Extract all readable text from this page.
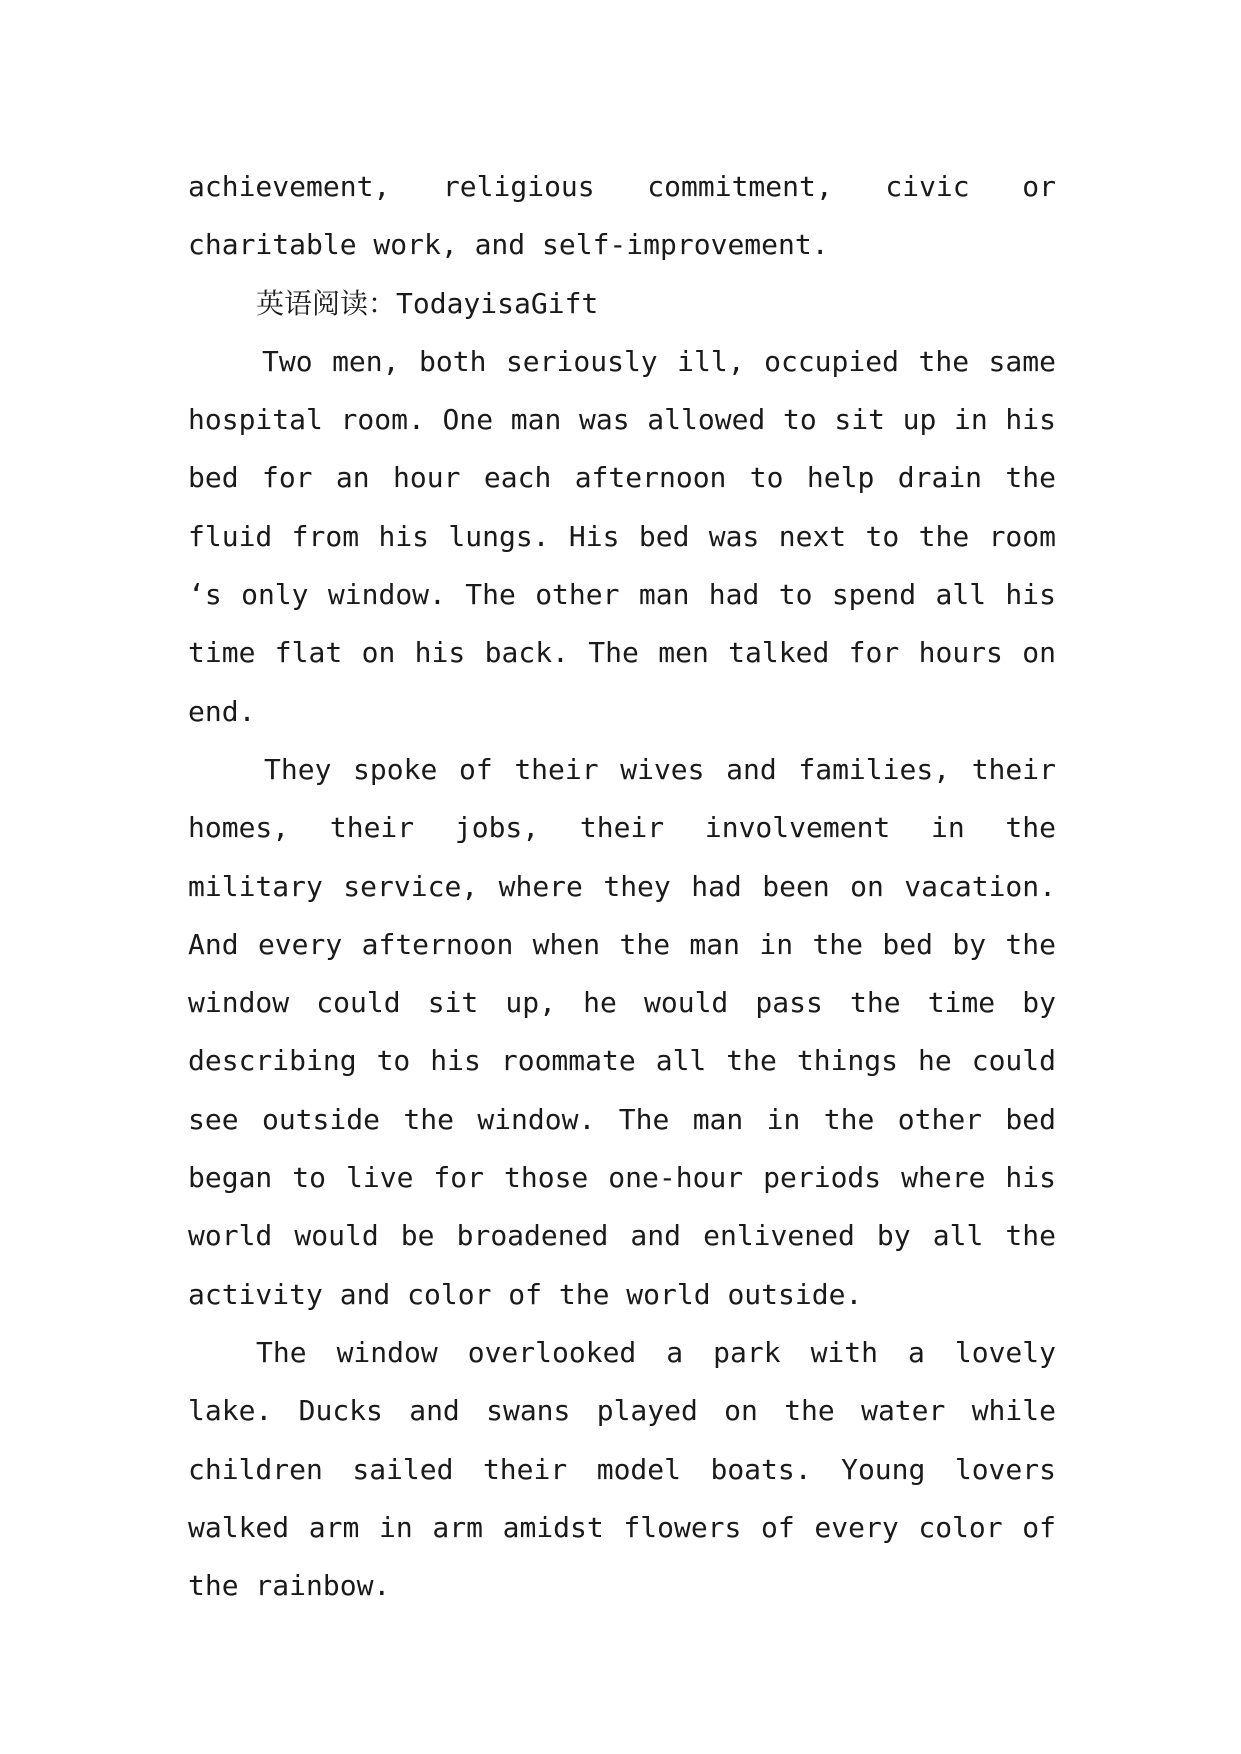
achievement, religious commitment, civic or charitable work, and self-improvement.

英语阅读：TodayisaGift

Two men, both seriously ill, occupied the same hospital room. One man was allowed to sit up in his bed for an hour each afternoon to help drain the fluid from his lungs. His bed was next to the room ‘s only window. The other man had to spend all his time flat on his back. The men talked for hours on end.

They spoke of their wives and families, their homes, their jobs, their involvement in the military service, where they had been on vacation. And every afternoon when the man in the bed by the window could sit up, he would pass the time by describing to his roommate all the things he could see outside the window. The man in the other bed began to live for those one-hour periods where his world would be broadened and enlivened by all the activity and color of the world outside.

The window overlooked a park with a lovely lake. Ducks and swans played on the water while children sailed their model boats. Young lovers walked arm in arm amidst flowers of every color of the rainbow.
